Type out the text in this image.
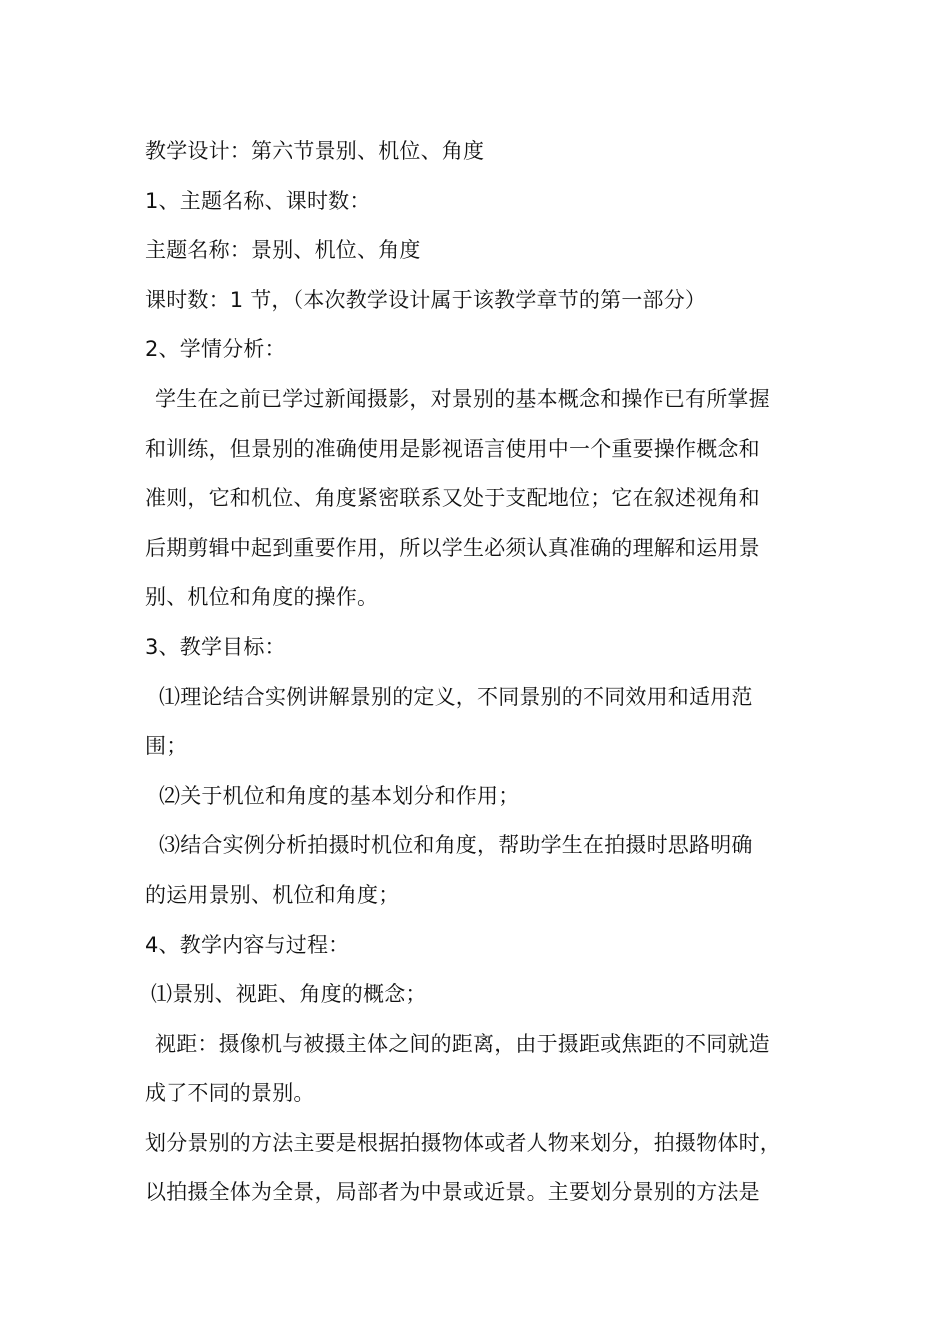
教学设计：第六节景别、机位、角度
1、主题名称、课时数：
主题名称：景别、机位、角度
课时数：1 节，（本次教学设计属于该教学章节的第一部分）
2、学情分析：
学生在之前已学过新闻摄影，对景别的基本概念和操作已有所掌握
和训练，但景别的准确使用是影视语言使用中一个重要操作概念和
准则，它和机位、角度紧密联系又处于支配地位；它在叙述视角和
后期剪辑中起到重要作用，所以学生必须认真准确的理解和运用景
别、机位和角度的操作。
3、教学目标：
⑴理论结合实例讲解景别的定义，不同景别的不同效用和适用范
围；
⑵关于机位和角度的基本划分和作用；
⑶结合实例分析拍摄时机位和角度，帮助学生在拍摄时思路明确
的运用景别、机位和角度；
4、教学内容与过程：
⑴景别、视距、角度的概念；
视距：摄像机与被摄主体之间的距离，由于摄距或焦距的不同就造
成了不同的景别。
划分景别的方法主要是根据拍摄物体或者人物来划分，拍摄物体时，
以拍摄全体为全景，局部者为中景或近景。主要划分景别的方法是
